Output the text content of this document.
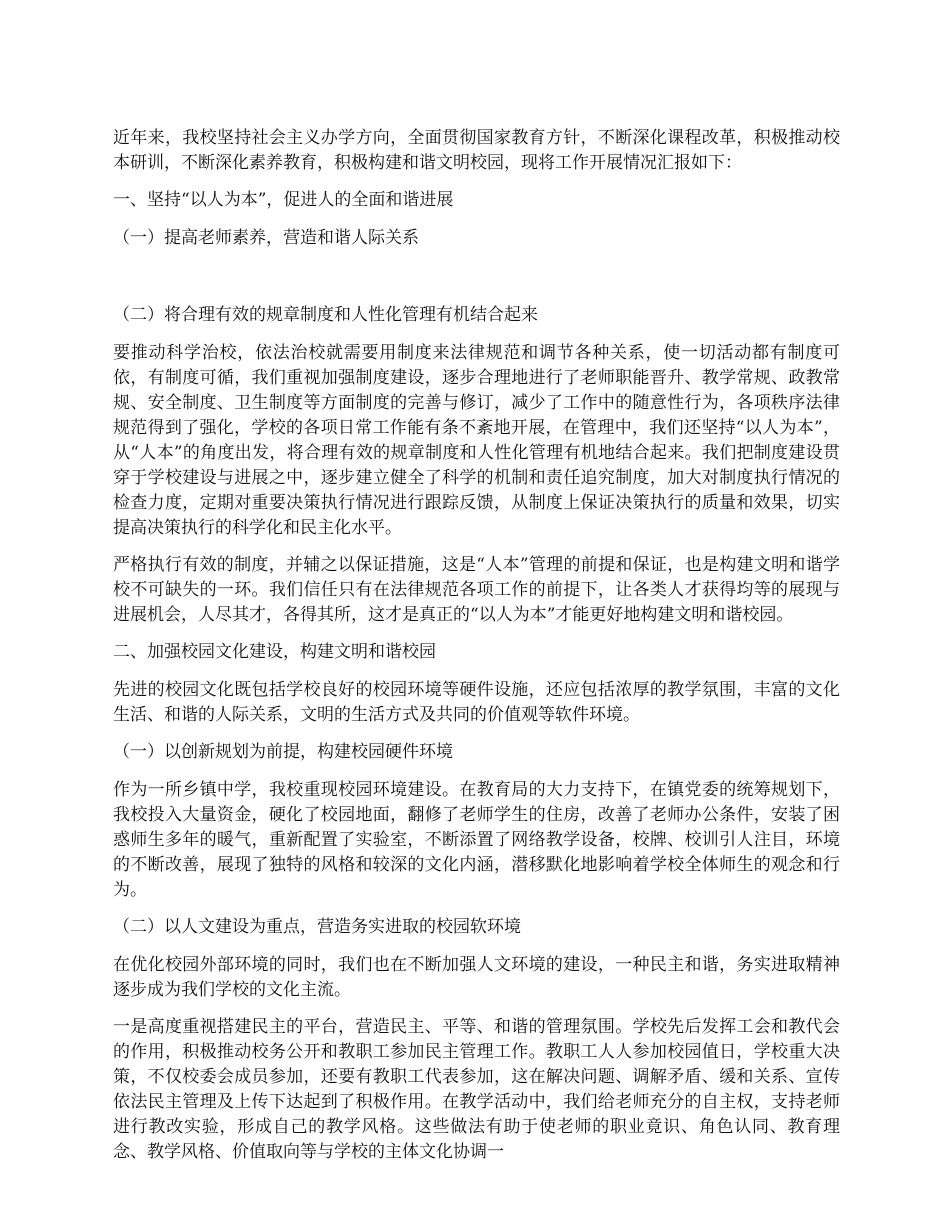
近年来，我校坚持社会主义办学方向，全面贯彻国家教育方针，不断深化课程改革，积极推动校本研训，不断深化素养教育，积极构建和谐文明校园，现将工作开展情况汇报如下：

一、坚持“以人为本”，促进人的全面和谐进展

（一）提高老师素养，营造和谐人际关系

（二）将合理有效的规章制度和人性化管理有机结合起来

要推动科学治校，依法治校就需要用制度来法律规范和调节各种关系，使一切活动都有制度可依，有制度可循，我们重视加强制度建设，逐步合理地进行了老师职能晋升、教学常规、政教常规、安全制度、卫生制度等方面制度的完善与修订，减少了工作中的随意性行为，各项秩序法律规范得到了强化，学校的各项日常工作能有条不紊地开展，在管理中，我们还坚持“以人为本”，从“人本”的角度出发，将合理有效的规章制度和人性化管理有机地结合起来。我们把制度建设贯穿于学校建设与进展之中，逐步建立健全了科学的机制和责任追究制度，加大对制度执行情况的检查力度，定期对重要决策执行情况进行跟踪反馈，从制度上保证决策执行的质量和效果，切实提高决策执行的科学化和民主化水平。

严格执行有效的制度，并辅之以保证措施，这是“人本”管理的前提和保证，也是构建文明和谐学校不可缺失的一环。我们信任只有在法律规范各项工作的前提下，让各类人才获得均等的展现与进展机会，人尽其才，各得其所，这才是真正的“以人为本”才能更好地构建文明和谐校园。

二、加强校园文化建设，构建文明和谐校园

先进的校园文化既包括学校良好的校园环境等硬件设施，还应包括浓厚的教学氛围，丰富的文化生活、和谐的人际关系，文明的生活方式及共同的价值观等软件环境。

（一）以创新规划为前提，构建校园硬件环境

作为一所乡镇中学，我校重现校园环境建设。在教育局的大力支持下，在镇党委的统筹规划下，我校投入大量资金，硬化了校园地面，翻修了老师学生的住房，改善了老师办公条件，安装了困惑师生多年的暖气，重新配置了实验室，不断添置了网络教学设备，校牌、校训引人注目，环境的不断改善，展现了独特的风格和较深的文化内涵，潜移默化地影响着学校全体师生的观念和行为。

（二）以人文建设为重点，营造务实进取的校园软环境

在优化校园外部环境的同时，我们也在不断加强人文环境的建设，一种民主和谐，务实进取精神逐步成为我们学校的文化主流。

一是高度重视搭建民主的平台，营造民主、平等、和谐的管理氛围。学校先后发挥工会和教代会的作用，积极推动校务公开和教职工参加民主管理工作。教职工人人参加校园值日，学校重大决策，不仅校委会成员参加，还要有教职工代表参加，这在解决问题、调解矛盾、缓和关系、宣传依法民主管理及上传下达起到了积极作用。在教学活动中，我们给老师充分的自主权，支持老师进行教改实验，形成自己的教学风格。这些做法有助于使老师的职业竟识、角色认同、教育理念、教学风格、价值取向等与学校的主体文化协调一
